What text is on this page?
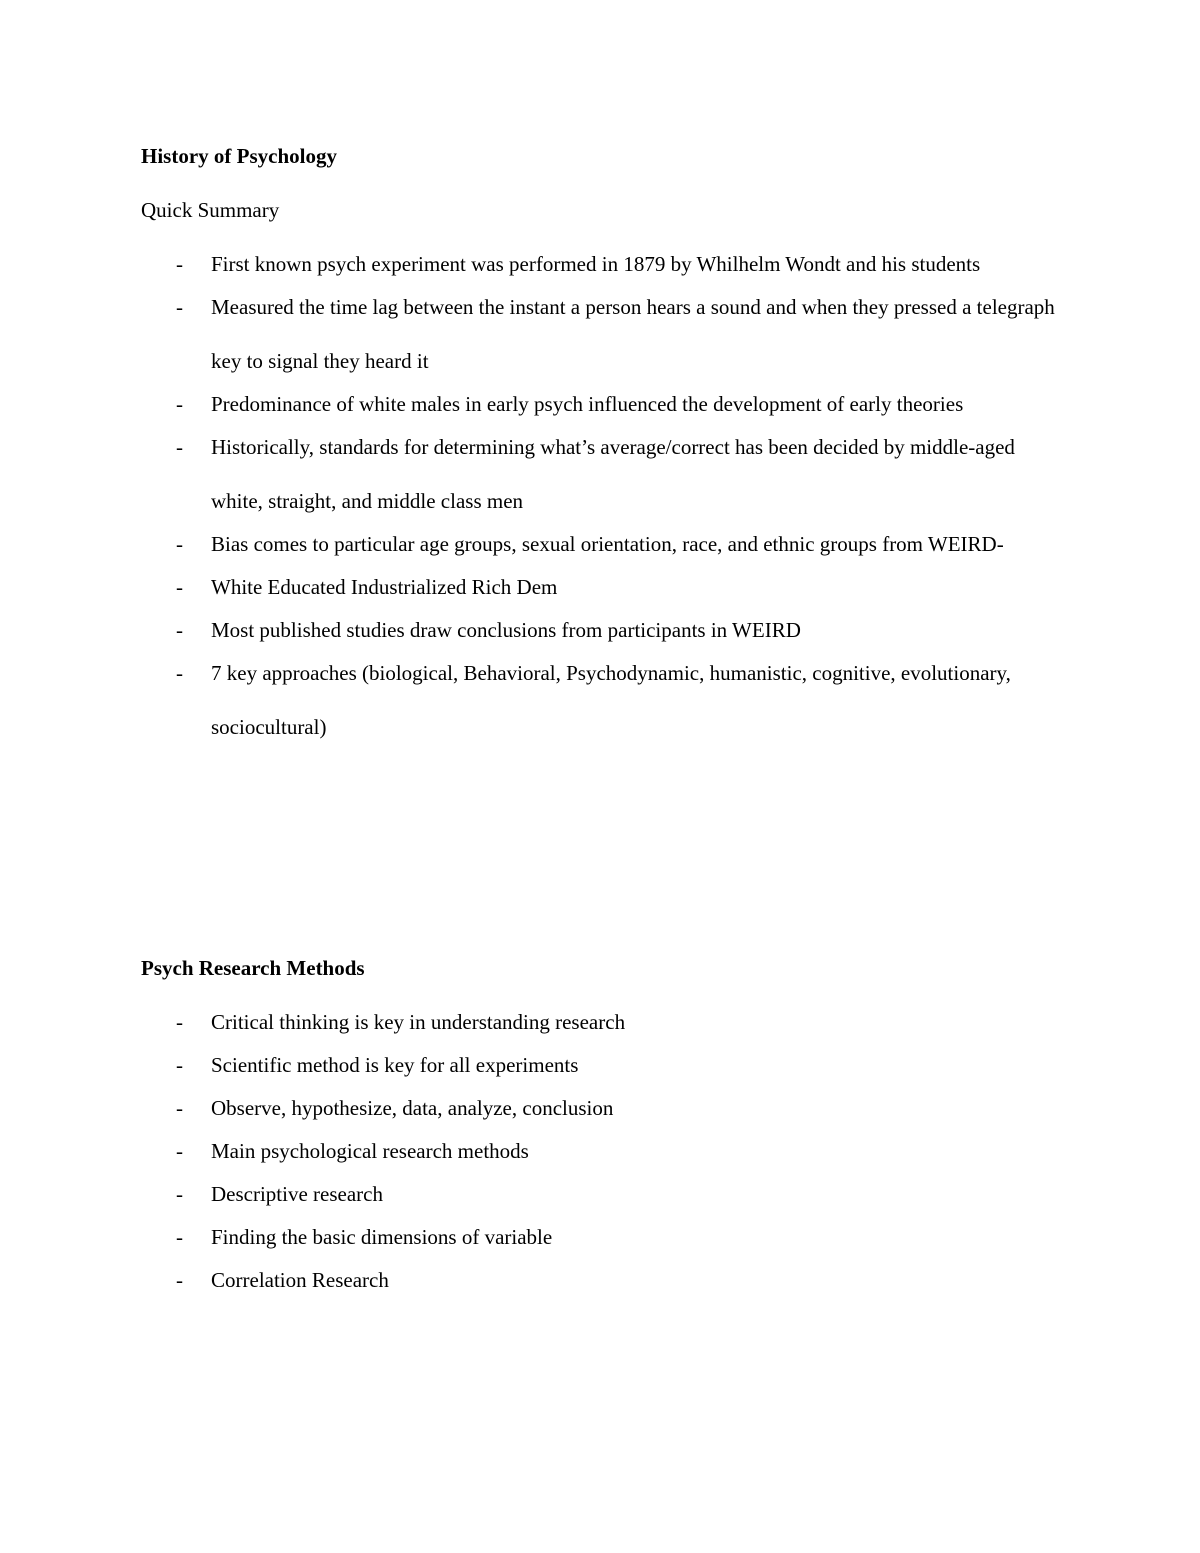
History of Psychology

Quick Summary

-	First known psych experiment was performed in 1879 by Whilhelm Wondt and his students
-	Measured the time lag between the instant a person hears a sound and when they pressed a telegraph key to signal they heard it
-	Predominance of white males in early psych influenced the development of early theories
-	Historically, standards for determining what’s average/correct has been decided by middle-aged white, straight, and middle class men
-	Bias comes to particular age groups, sexual orientation, race, and ethnic groups from WEIRD-
-	White Educated Industrialized Rich Dem
-	Most published studies draw conclusions from participants in WEIRD
-	7 key approaches (biological, Behavioral, Psychodynamic, humanistic, cognitive, evolutionary, sociocultural)
Psych Research Methods
-	Critical thinking is key in understanding research
-	Scientific method is key for all experiments
-	Observe, hypothesize, data, analyze, conclusion
-	Main psychological research methods
-	Descriptive research
-	Finding the basic dimensions of variable
-	Correlation Research
